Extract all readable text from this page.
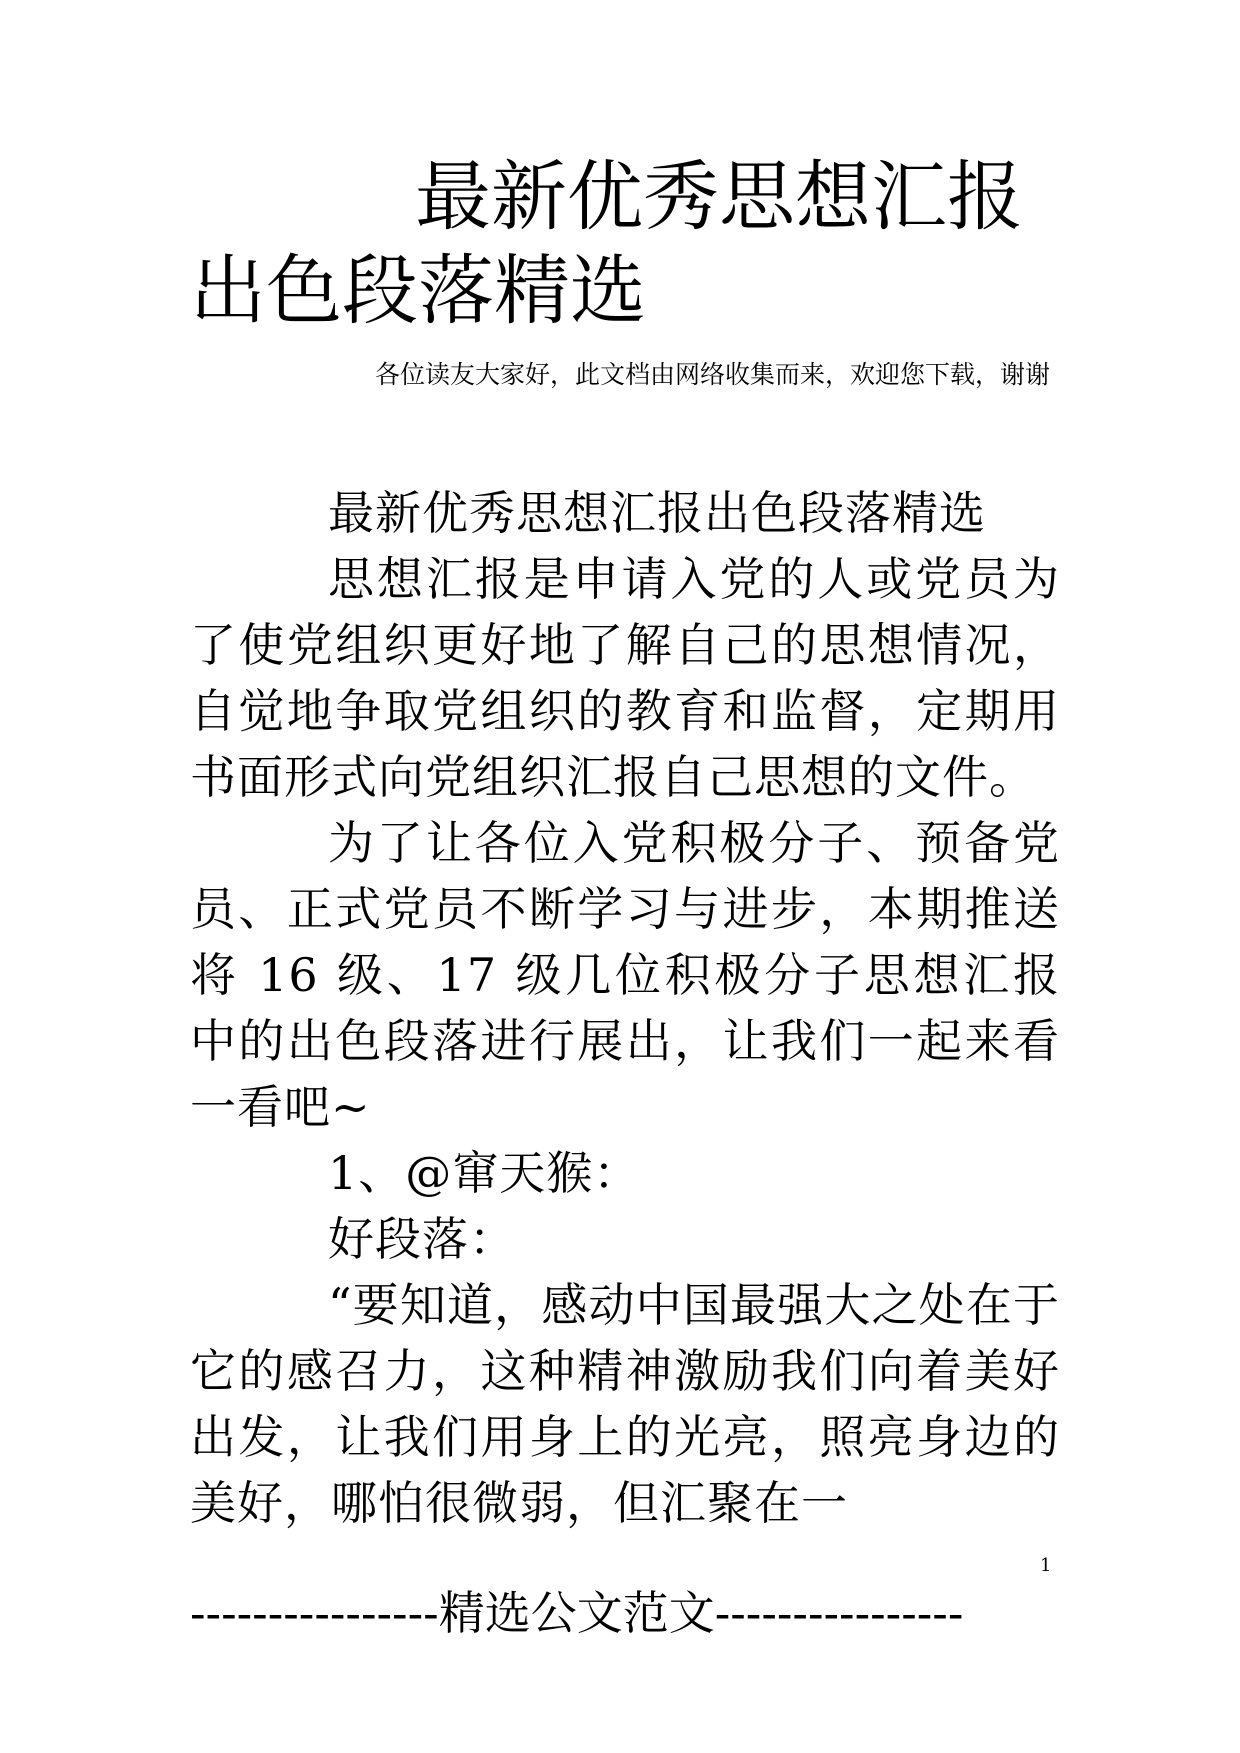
最新优秀思想汇报出色段落精选

各位读友大家好，此文档由网络收集而来，欢迎您下载，谢谢

最新优秀思想汇报出色段落精选

思想汇报是申请入党的人或党员为了使党组织更好地了解自己的思想情况，自觉地争取党组织的教育和监督，定期用书面形式向党组织汇报自己思想的文件。

为了让各位入党积极分子、预备党员、正式党员不断学习与进步，本期推送将 16 级、17 级几位积极分子思想汇报中的出色段落进行展出，让我们一起来看一看吧~

1、@窜天猴：

好段落：

“要知道，感动中国最强大之处在于它的感召力，这种精神激励我们向着美好出发，让我们用身上的光亮，照亮身边的美好，哪怕很微弱，但汇聚在一

1
----------------精选公文范文----------------
